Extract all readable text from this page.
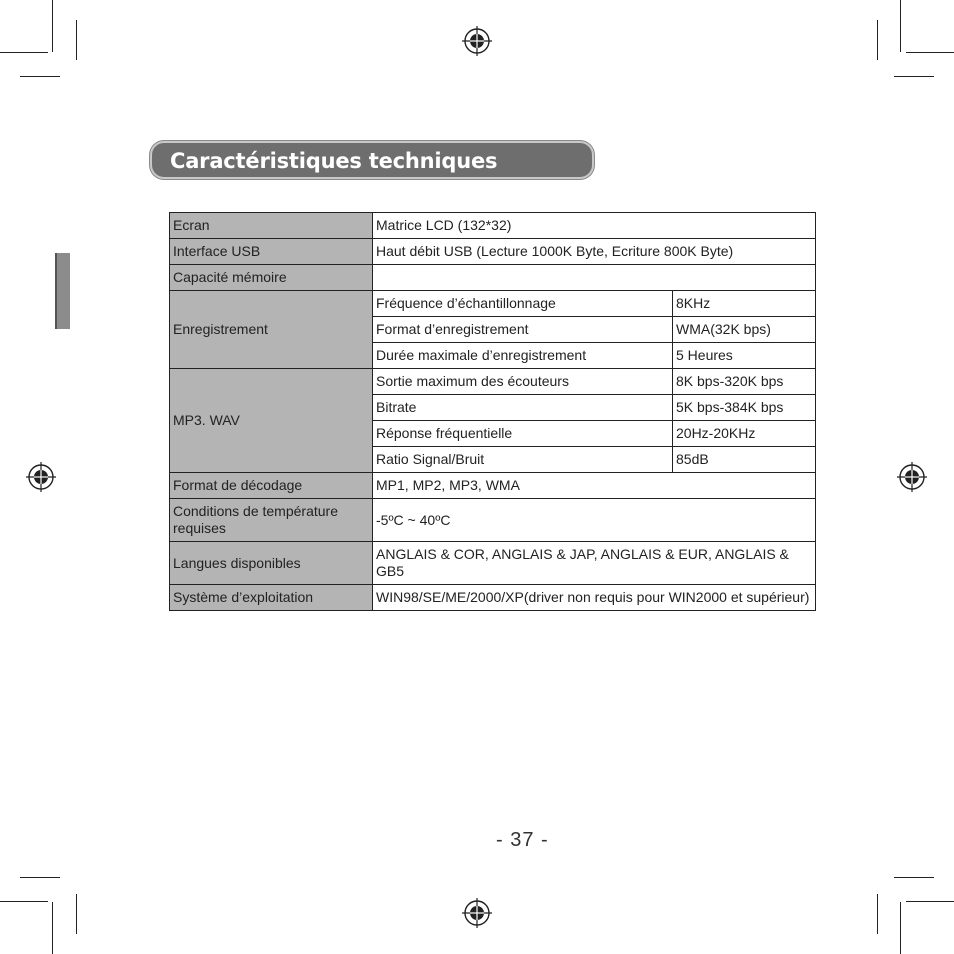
Caractéristiques techniques
Ecran	Matrice LCD (132*32)	
Interface USB	Haut débit USB (Lecture 1000K Byte, Ecriture 800K Byte)	
Capacité mémoire		
Enregistrement	Fréquence d’échantillonnage	8KHz
	Format d’enregistrement	WMA(32K bps)
	Durée maximale d’enregistrement	5 Heures
MP3. WAV	Sortie maximum des écouteurs	8K bps-320K bps
	Bitrate	5K bps-384K bps
	Réponse fréquentielle	20Hz-20KHz
	Ratio Signal/Bruit	85dB
Format de décodage	MP1, MP2, MP3, WMA	
Conditions de température requises	-5ºC ~ 40ºC	
Langues disponibles	ANGLAIS & COR, ANGLAIS & JAP, ANGLAIS & EUR, ANGLAIS & GB5	
Système d’exploitation	WIN98/SE/ME/2000/XP(driver non requis pour WIN2000 et supérieur)	
- 37 -
